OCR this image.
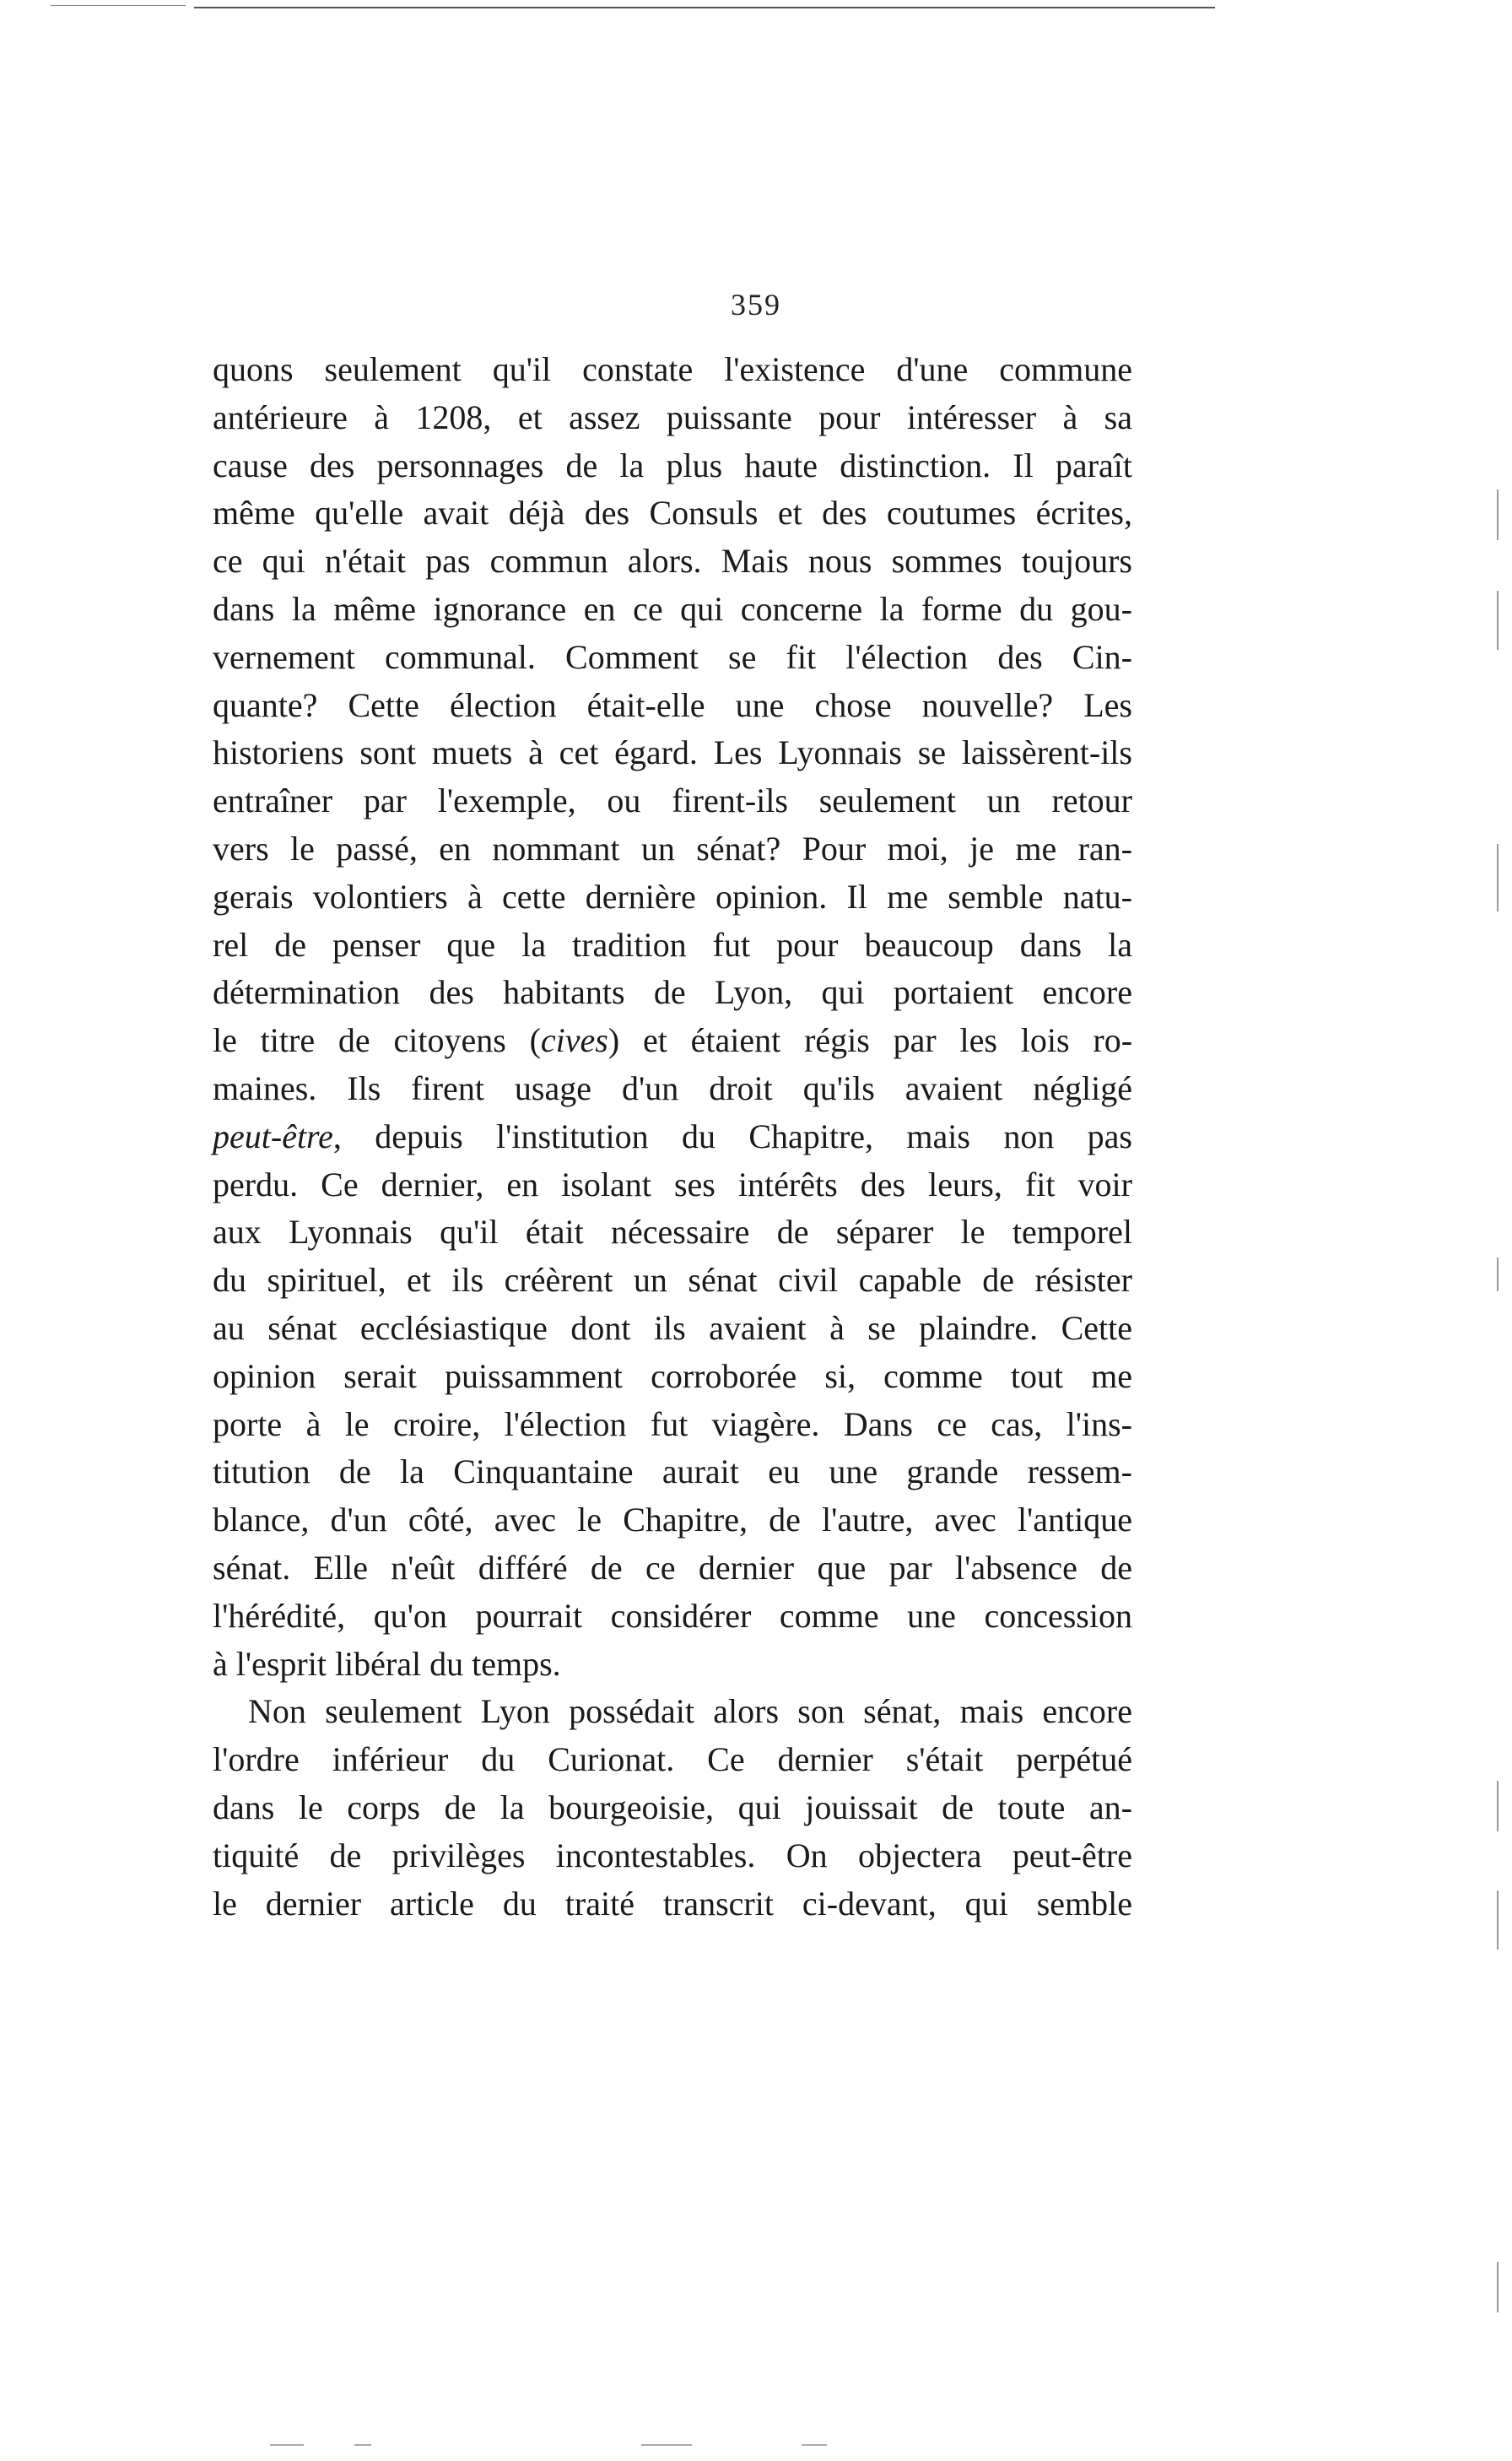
359
quons seulement qu'il constate l'existence d'une commune
antérieure à 1208, et assez puissante pour intéresser à sa
cause des personnages de la plus haute distinction. Il paraît
même qu'elle avait déjà des Consuls et des coutumes écrites,
ce qui n'était pas commun alors. Mais nous sommes toujours
dans la même ignorance en ce qui concerne la forme du gou-
vernement communal. Comment se fit l'élection des Cin-
quante? Cette élection était-elle une chose nouvelle? Les
historiens sont muets à cet égard. Les Lyonnais se laissèrent-ils
entraîner par l'exemple, ou firent-ils seulement un retour
vers le passé, en nommant un sénat? Pour moi, je me ran-
gerais volontiers à cette dernière opinion. Il me semble natu-
rel de penser que la tradition fut pour beaucoup dans la
détermination des habitants de Lyon, qui portaient encore
le titre de citoyens (cives) et étaient régis par les lois ro-
maines. Ils firent usage d'un droit qu'ils avaient négligé
peut-être, depuis l'institution du Chapitre, mais non pas
perdu. Ce dernier, en isolant ses intérêts des leurs, fit voir
aux Lyonnais qu'il était nécessaire de séparer le temporel
du spirituel, et ils créèrent un sénat civil capable de résister
au sénat ecclésiastique dont ils avaient à se plaindre. Cette
opinion serait puissamment corroborée si, comme tout me
porte à le croire, l'élection fut viagère. Dans ce cas, l'ins-
titution de la Cinquantaine aurait eu une grande ressem-
blance, d'un côté, avec le Chapitre, de l'autre, avec l'antique
sénat. Elle n'eût différé de ce dernier que par l'absence de
l'hérédité, qu'on pourrait considérer comme une concession
à l'esprit libéral du temps.
Non seulement Lyon possédait alors son sénat, mais encore
l'ordre inférieur du Curionat. Ce dernier s'était perpétué
dans le corps de la bourgeoisie, qui jouissait de toute an-
tiquité de privilèges incontestables. On objectera peut-être
le dernier article du traité transcrit ci-devant, qui semble
